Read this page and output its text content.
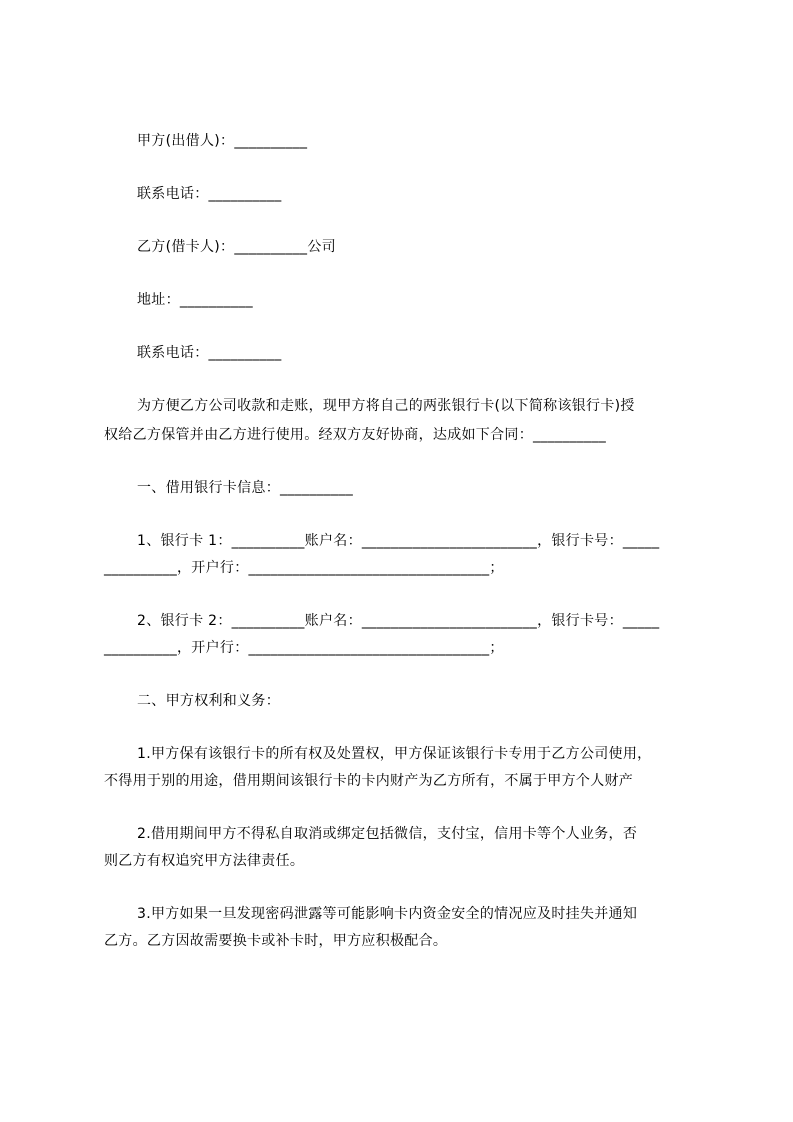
甲方(出借人)：__________
联系电话：__________
乙方(借卡人)：__________公司
地址：__________
联系电话：__________
为方便乙方公司收款和走账，现甲方将自己的两张银行卡(以下简称该银行卡)授
权给乙方保管并由乙方进行使用。经双方友好协商，达成如下合同：__________
一、借用银行卡信息：__________
1、银行卡 1：__________账户名：________________________，银行卡号：_____
__________，开户行：_________________________________；
2、银行卡 2：__________账户名：________________________，银行卡号：_____
__________，开户行：_________________________________；
二、甲方权利和义务：
1.甲方保有该银行卡的所有权及处置权，甲方保证该银行卡专用于乙方公司使用，
不得用于别的用途，借用期间该银行卡的卡内财产为乙方所有，不属于甲方个人财产
2.借用期间甲方不得私自取消或绑定包括微信，支付宝，信用卡等个人业务，否
则乙方有权追究甲方法律责任。
3.甲方如果一旦发现密码泄露等可能影响卡内资金安全的情况应及时挂失并通知
乙方。乙方因故需要换卡或补卡时，甲方应积极配合。
